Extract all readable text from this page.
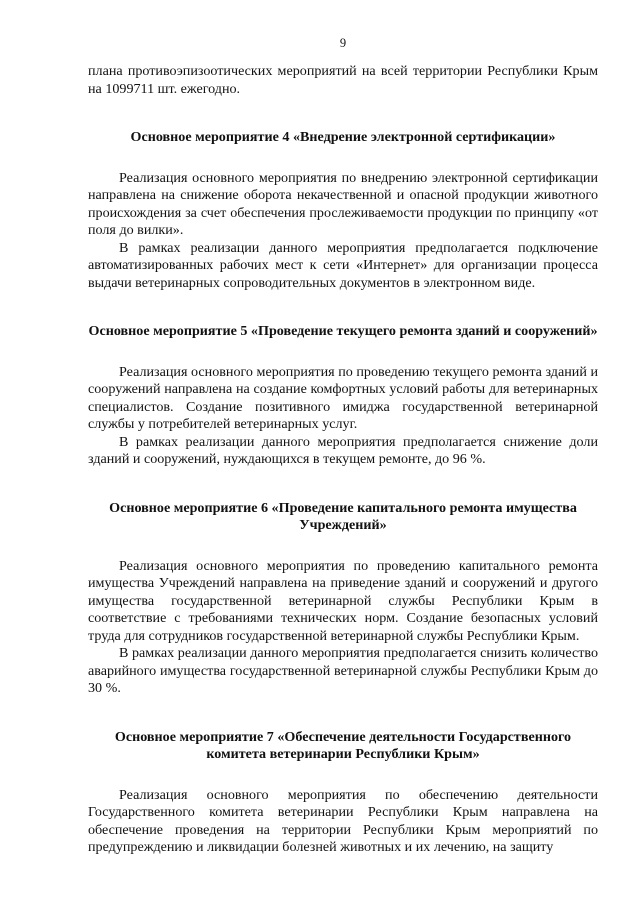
9

плана противоэпизоотических мероприятий на всей территории Республики Крым на 1099711 шт. ежегодно.

Основное мероприятие 4 «Внедрение электронной сертификации»

Реализация основного мероприятия по внедрению электронной сертификации направлена на снижение оборота некачественной и опасной продукции животного происхождения за счет обеспечения прослеживаемости продукции по принципу «от поля до вилки».

В рамках реализации данного мероприятия предполагается подключение автоматизированных рабочих мест к сети «Интернет» для организации процесса выдачи ветеринарных сопроводительных документов в электронном виде.

Основное мероприятие 5 «Проведение текущего ремонта зданий и сооружений»

Реализация основного мероприятия по проведению текущего ремонта зданий и сооружений направлена на создание комфортных условий работы для ветеринарных специалистов. Создание позитивного имиджа государственной ветеринарной службы у потребителей ветеринарных услуг.

В рамках реализации данного мероприятия предполагается снижение доли зданий и сооружений, нуждающихся в текущем ремонте, до 96 %.

Основное мероприятие 6 «Проведение капитального ремонта имущества Учреждений»

Реализация основного мероприятия по проведению капитального ремонта имущества Учреждений направлена на приведение зданий и сооружений и другого имущества государственной ветеринарной службы Республики Крым в соответствие с требованиями технических норм. Создание безопасных условий труда для сотрудников государственной ветеринарной службы Республики Крым.

В рамках реализации данного мероприятия предполагается снизить количество аварийного имущества государственной ветеринарной службы Республики Крым до 30 %.

Основное мероприятие 7 «Обеспечение деятельности Государственного комитета ветеринарии Республики Крым»

Реализация основного мероприятия по обеспечению деятельности Государственного комитета ветеринарии Республики Крым направлена на обеспечение проведения на территории Республики Крым мероприятий по предупреждению и ликвидации болезней животных и их лечению, на защиту
